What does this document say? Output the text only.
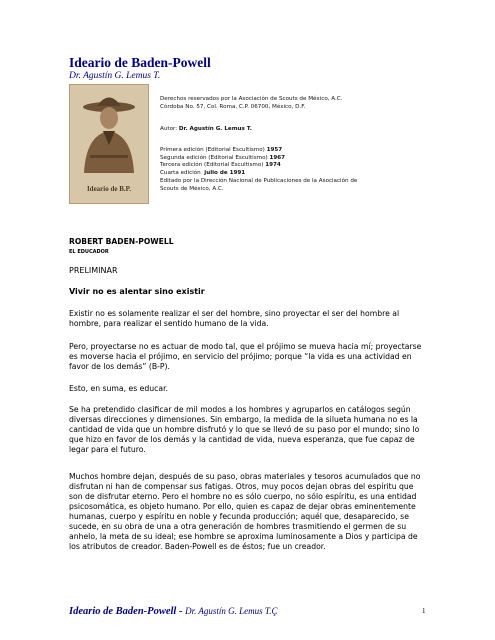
Ideario de Baden-Powell
Dr. Agustín G. Lemus T.
Ideario de B.P.
Derechos reservados por la Asociación de Scouts de México, A.C.
Córdoba No. 57, Col. Roma, C.P. 06700, México, D.F.
Autor: Dr. Agustín G. Lemus T.
Primera edición (Editorial Escultismo) 1957
Segunda edición (Editorial Escultismo) 1967
Tercera edición (Editorial Escultismo) 1974
Cuarta edición julio de 1991
Editado por la Dirección Nacional de Publicaciones de la Asociación de
Scouts de México, A.C.
ROBERT BADEN-POWELL
EL EDUCADOR
PRELIMINAR
Vivir no es alentar sino existir

Existir no es solamente realizar el ser del hombre, sino proyectar el ser del hombre al hombre, para realizar el sentido humano de la vida.

Pero, proyectarse no es actuar de modo tal, que el prójimo se mueva hacia mí; proyectarse es moverse hacia el prójimo, en servicio del prójimo; porque “la vida es una actividad en favor de los demás” (B-P).

Esto, en suma, es educar.

Se ha pretendido clasificar de mil modos a los hombres y agruparlos en catálogos según diversas direcciones y dimensiones. Sin embargo, la medida de la silueta humana no es la cantidad de vida que un hombre disfrutó y lo que se llevó de su paso por el mundo; sino lo que hizo en favor de los demás y la cantidad de vida, nueva esperanza, que fue capaz de legar para el futuro.

Muchos hombre dejan, después de su paso, obras materiales y tesoros acumulados que no disfrutan ni han de compensar sus fatigas. Otros, muy pocos dejan obras del espíritu que son de disfrutar eterno. Pero el hombre no es sólo cuerpo, no sólo espíritu, es una entidad psicosomática, es objeto humano. Por ello, quien es capaz de dejar obras eminentemente humanas, cuerpo y espíritu en noble y fecunda producción; aquél que, desaparecido, se sucede, en su obra de una a otra generación de hombres trasmitiendo el germen de su anhelo, la meta de su ideal; ese hombre se aproxima luminosamente a Dios y participa de los atributos de creador. Baden-Powell es de éstos; fue un creador.

Ideario de Baden-Powell - Dr. Agustín G. Lemus T.Ç	1
